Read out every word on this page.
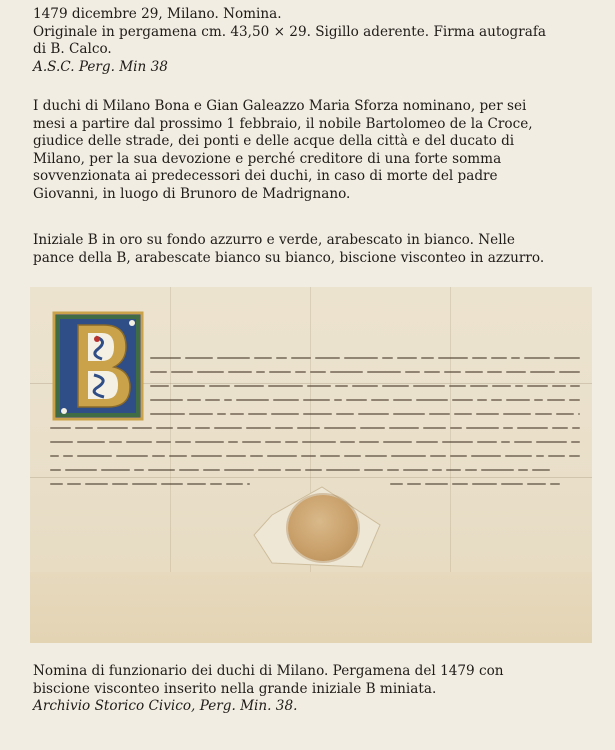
1479 dicembre 29, Milano. Nomina.

Originale in pergamena cm. 43,50 × 29. Sigillo aderente. Firma autografa

di B. Calco.

A.S.C. Perg. Min 38

I duchi di Milano Bona e Gian Galeazzo Maria Sforza nominano, per sei

mesi a partire dal prossimo 1 febbraio, il nobile Bartolomeo de la Croce,

giudice delle strade, dei ponti e delle acque della città e del ducato di

Milano, per la sua devozione e perché creditore di una forte somma

sovvenzionata ai predecessori dei duchi, in caso di morte del padre

Giovanni, in luogo di Brunoro de Madrignano.

Iniziale B in oro su fondo azzurro e verde, arabescato in bianco. Nelle

pance della B, arabescate bianco su bianco, biscione visconteo in azzurro.

Nomina di funzionario dei duchi di Milano. Pergamena del 1479 con

biscione visconteo inserito nella grande iniziale B miniata.

Archivio Storico Civico, Perg. Min. 38.
